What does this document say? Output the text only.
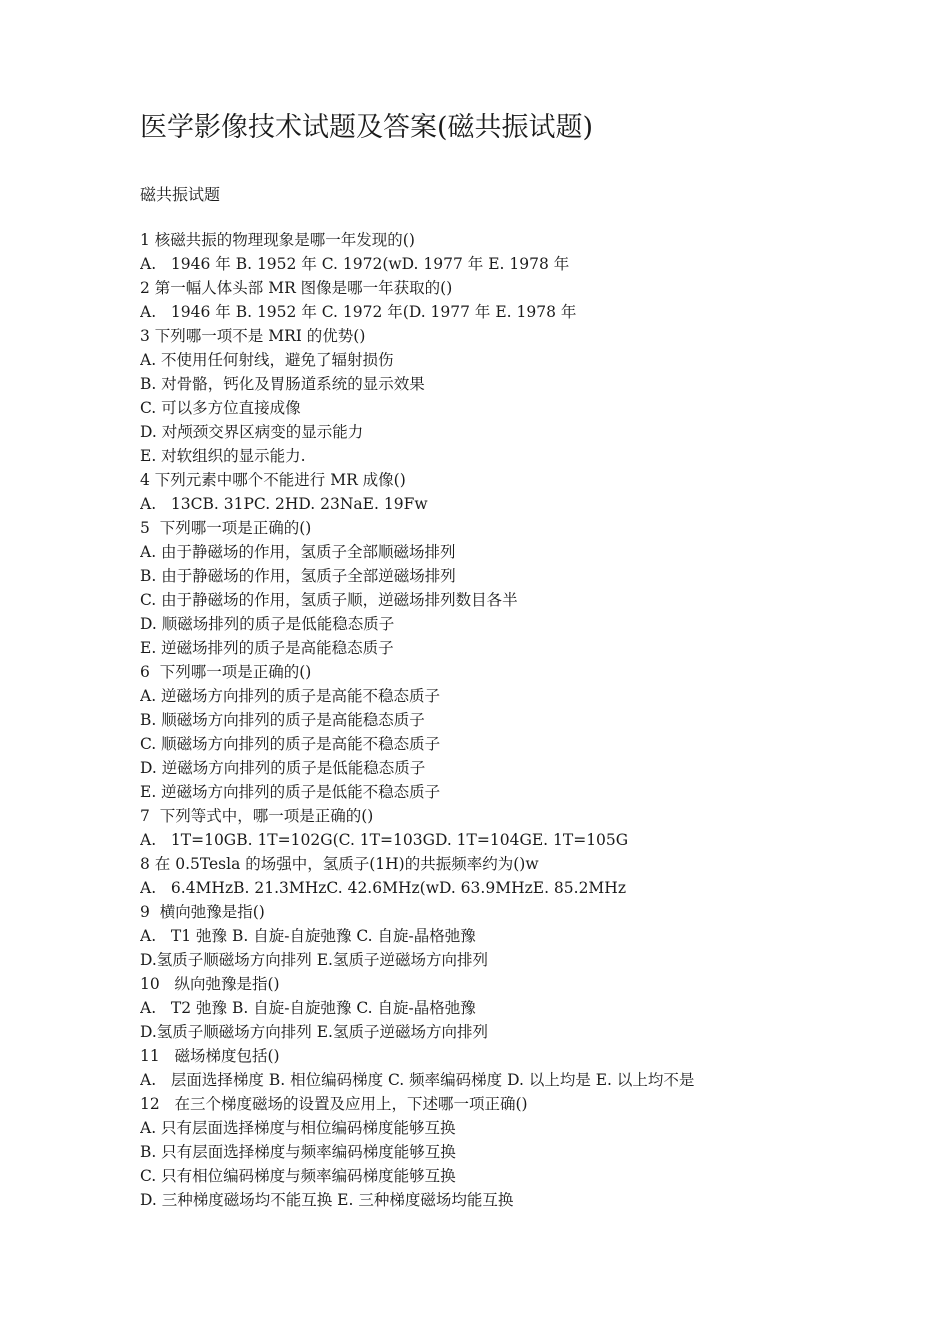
医学影像技术试题及答案(磁共振试题)
磁共振试题
1 核磁共振的物理现象是哪一年发现的()
A.   1946 年 B. 1952 年 C. 1972(wD. 1977 年 E. 1978 年
2 第一幅人体头部 MR 图像是哪一年获取的()
A.   1946 年 B. 1952 年 C. 1972 年(D. 1977 年 E. 1978 年
3 下列哪一项不是 MRI 的优势()
A. 不使用任何射线，避免了辐射损伤
B. 对骨骼，钙化及胃肠道系统的显示效果
C. 可以多方位直接成像
D. 对颅颈交界区病变的显示能力
E. 对软组织的显示能力.
4 下列元素中哪个不能进行 MR 成像()
A.   13CB. 31PC. 2HD. 23NaE. 19Fw
5  下列哪一项是正确的()
A. 由于静磁场的作用，氢质子全部顺磁场排列
B. 由于静磁场的作用，氢质子全部逆磁场排列
C. 由于静磁场的作用，氢质子顺，逆磁场排列数目各半
D. 顺磁场排列的质子是低能稳态质子
E. 逆磁场排列的质子是高能稳态质子
6  下列哪一项是正确的()
A. 逆磁场方向排列的质子是高能不稳态质子
B. 顺磁场方向排列的质子是高能稳态质子
C. 顺磁场方向排列的质子是高能不稳态质子
D. 逆磁场方向排列的质子是低能稳态质子
E. 逆磁场方向排列的质子是低能不稳态质子
7  下列等式中，哪一项是正确的()
A.   1T=10GB. 1T=102G(C. 1T=103GD. 1T=104GE. 1T=105G
8 在 0.5Tesla 的场强中，氢质子(1H)的共振频率约为()w
A.   6.4MHzB. 21.3MHzC. 42.6MHz(wD. 63.9MHzE. 85.2MHz
9  横向弛豫是指()
A.   T1 弛豫 B. 自旋-自旋弛豫 C. 自旋-晶格弛豫
D.氢质子顺磁场方向排列 E.氢质子逆磁场方向排列
10   纵向弛豫是指()
A.   T2 弛豫 B. 自旋-自旋弛豫 C. 自旋-晶格弛豫
D.氢质子顺磁场方向排列 E.氢质子逆磁场方向排列
11   磁场梯度包括()
A.   层面选择梯度 B. 相位编码梯度 C. 频率编码梯度 D. 以上均是 E. 以上均不是
12   在三个梯度磁场的设置及应用上，下述哪一项正确()
A. 只有层面选择梯度与相位编码梯度能够互换
B. 只有层面选择梯度与频率编码梯度能够互换
C. 只有相位编码梯度与频率编码梯度能够互换
D. 三种梯度磁场均不能互换 E. 三种梯度磁场均能互换
